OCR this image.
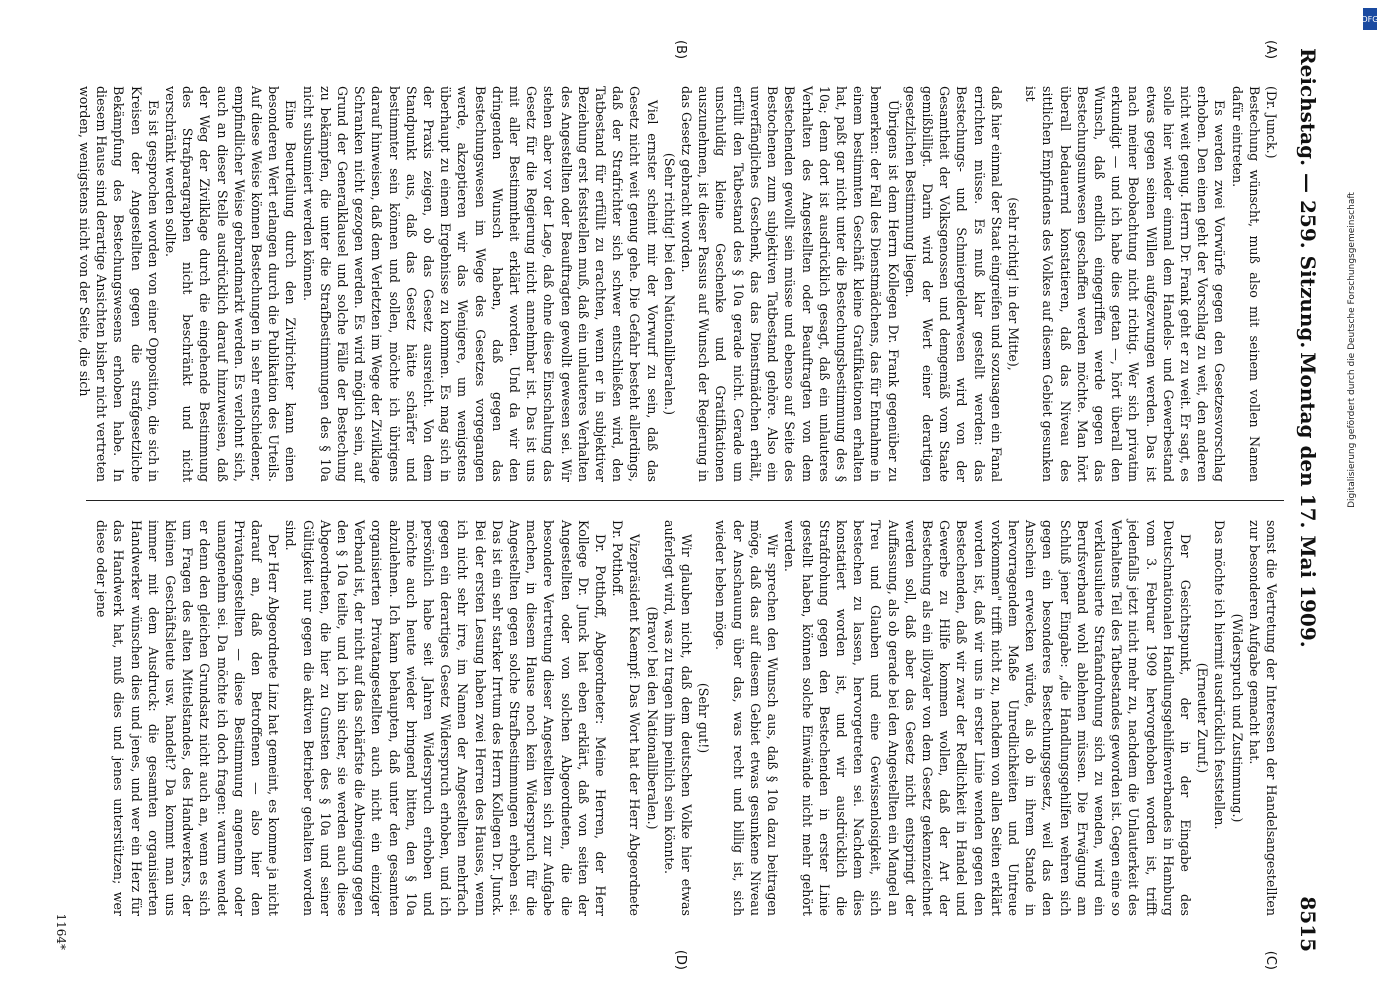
Reichstag. — 259. Sitzung.
Montag den 17. Mai 1909.
8515
(A)
(B)
(C)
(D)
(Dr. Junck.)
Bestechung wünscht, muß also mit seinem vollen Namen dafür eintreten.
Es werden zwei Vorwürfe gegen den Gesetzesvorschlag erhoben. Den einen geht der Vorschlag zu weit, den anderen nicht weit genug. Herrn Dr. Frank geht er zu weit. Er sagt, es solle hier wieder einmal dem Handels- und Gewerbestand etwas gegen seinen Willen aufgezwungen werden. Das ist nach meiner Beobachtung nicht richtig. Wer sich privatim erkundigt — und ich habe dies getan —, hört überall den Wunsch, daß endlich eingegriffen werde gegen das Bestechungsunwesen geschaffen werden möchte. Man hört überall bedauernd konstatieren, daß das Niveau des sittlichen Empfindens des Volkes auf diesem Gebiet gesunken ist
(sehr richtig! in der Mitte),
daß hier einmal der Staat eingreifen und sozusagen ein Fanal errichten müsse. Es muß klar gestellt werden: das Bestechungs- und Schmiergelderwesen wird von der Gesamtheit der Volksgenossen und demgemäß vom Staate gemißbilligt. Darin wird der Wert einer derartigen gesetzlichen Bestimmung liegen.
Übrigens ist dem Herrn Kollegen Dr. Frank gegenüber zu bemerken: der Fall des Dienstmädchens, das für Entnahme in einem bestimmten Geschäft kleine Gratifikationen erhalten hat, paßt gar nicht unter die Bestechungsbestimmung des § 10a; denn dort ist ausdrücklich gesagt, daß ein unlauteres Verhalten des Angestellten oder Beauftragten von dem Bestechenden gewollt sein müsse und ebenso auf Seite des Bestochenen zum subjektiven Tatbestand gehöre. Also ein unverfängliches Geschenk, das das Dienstmädchen erhält, erfüllt den Tatbestand des § 10a gerade nicht. Gerade um unschuldig kleine Geschenke und Gratifikationen auszunehmen, ist dieser Passus auf Wunsch der Regierung in das Gesetz gebracht worden.
(Sehr richtig! bei den Nationalliberalen.)
Viel ernster scheint mir der Vorwurf zu sein, daß das Gesetz nicht weit genug gehe. Die Gefahr besteht allerdings, daß der Strafrichter sich schwer entschließen wird, den Tatbestand für erfüllt zu erachten, wenn er in subjektiver Beziehung erst feststellen muß, daß ein unlauteres Verhalten des Angestellten oder Beauftragten gewollt gewesen sei. Wir stehen aber vor der Lage, daß ohne diese Einschaltung das Gesetz für die Regierung nicht annehmbar ist. Das ist uns mit aller Bestimmtheit erklärt worden. Und da wir den dringenden Wunsch haben, daß gegen das Bestechungswesen im Wege des Gesetzes vorgegangen werde, akzeptieren wir das Wenigere, um wenigstens überhaupt zu einem Ergebnisse zu kommen. Es mag sich in der Praxis zeigen, ob das Gesetz ausreicht. Von dem Standpunkt aus, daß das Gesetz hätte schärfer und bestimmter sein können und sollen, möchte ich übrigens darauf hinweisen, daß dem Verletzten im Wege der Zivilklage Schranken nicht gezogen werden. Es wird möglich sein, auf Grund der Generalklausel und solche Fälle der Bestechung zu bekämpfen, die unter die Strafbestimmungen des § 10a nicht subsumiert werden können.
Eine Beurteilung durch den Zivilrichter kann einen besonderen Wert erlangen durch die Publikation des Urteils. Auf diese Weise können Bestechungen in sehr entschiedener, empfindlicher Weise gebrandmarkt werden. Es verlohnt sich, auch an dieser Stelle ausdrücklich darauf hinzuweisen, daß der Weg der Zivilklage durch die eingehende Bestimmung des Strafparagraphen nicht beschränkt und nicht verschränkt werden sollte.
Es ist gesprochen worden von einer Opposition, die sich in Kreisen der Angestellten gegen die strafgesetzliche Bekämpfung des Bestechungswesens erhoben habe. In diesem Hause sind derartige Ansichten bisher nicht vertreten worden, wenigstens nicht von der Seite, die sich
sonst die Vertretung der Interessen der Handelsangestellten zur besonderen Aufgabe gemacht hat.
(Widerspruch und Zustimmung.)
Das möchte ich hiermit ausdrücklich feststellen.
(Erneuter Zuruf.)
Der Gesichtspunkt, der in der Eingabe des Deutschnationalen Handlungsgehilfenverbandes in Hamburg vom 3. Februar 1909 hervorgehoben worden ist, trifft jedenfalls jetzt nicht mehr zu, nachdem die Unlauterkeit des Verhaltens Teil des Tatbestandes geworden ist. Gegen eine so verklausulierte Strafandrohung sich zu wenden, wird ein Berufsverband wohl ablehnen müssen. Die Erwägung am Schluß jener Eingabe: „die Handlungsgehilfen wehren sich gegen ein besonderes Bestechungsgesetz, weil das den Anschein erwecken würde, als ob in ihrem Stande in hervorragendem Maße Unredlichkeiten und Untreue vorkommen" trifft nicht zu, nachdem von allen Seiten erklärt worden ist, daß wir uns in erster Linie wenden gegen den Bestechenden, daß wir zwar der Redlichkeit in Handel und Gewerbe zu Hilfe kommen wollen, daß der Art der Bestechung als ein illoyaler von dem Gesetz gekennzeichnet werden soll, daß aber das Gesetz nicht entspringt der Auffassung, als ob gerade bei den Angestellten ein Mangel an Treu und Glauben und eine Gewissenlosigkeit, sich bestechen zu lassen, hervorgetreten sei. Nachdem dies konstatiert worden ist, und wir ausdrücklich die Strafdrohung gegen den Bestechenden in erster Linie gestellt haben, können solche Einwände nicht mehr gehört werden.
Wir sprechen den Wunsch aus, daß § 10a dazu beitragen möge, daß das auf diesem Gebiet etwas gesunkene Niveau der Anschauung über das, was recht und billig ist, sich wieder heben möge.
(Sehr gut!)
Wir glauben nicht, daß dem deutschen Volke hier etwas auferlegt wird, was zu tragen ihm peinlich sein könnte.
(Bravo! bei den Nationalliberalen.)
Vizepräsident Kaempf: Das Wort hat der Herr Abgeordnete Dr. Potthoff.
Dr. Potthoff, Abgeordneter: Meine Herren, der Herr Kollege Dr. Junck hat eben erklärt, daß von seiten der Angestellten oder von solchen Abgeordneten, die die besondere Vertretung dieser Angestellten sich zur Aufgabe machen, in diesem Hause noch kein Widerspruch für die Angestellten gegen solche Strafbestimmungen erhoben sei. Das ist ein sehr starker Irrtum des Herrn Kollegen Dr. Junck. Bei der ersten Lesung haben zwei Herren des Hauses, wenn ich nicht sehr irre, im Namen der Angestellten mehrfach gegen ein derartiges Gesetz Widerspruch erhoben, und ich persönlich habe seit Jahren Widerspruch erhoben und möchte auch heute wieder bringend bitten, den § 10a abzulehnen. Ich kann behaupten, daß unter den gesamten organisierten Privatangestellten auch nicht ein einziger Verband ist, der nicht auf das schärfste die Abneigung gegen den § 10a teilte, und ich bin sicher, sie werden auch diese Abgeordneten, die hier zu Gunsten des § 10a und seiner Gültigkeit nur gegen die aktiven Betrieber gehalten worden sind.
Der Herr Abgeordnete Linz hat gemeint, es komme ja nicht darauf an, daß den Betroffenen — also hier den Privatangestellten — diese Bestimmung angenehm oder unangenehm sei. Da möchte ich doch fragen: warum wendet er denn den gleichen Grundsatz nicht auch an, wenn es sich um Fragen des alten Mittelstandes, des Handwerkers, der kleinen Geschäftsleute usw. handelt? Da kommt man uns immer mit dem Ausdruck: die gesamten organisierten Handwerker wünschen dies und jenes, und wer ein Herz für das Handwerk hat, muß dies und jenes unterstützen; wer diese oder jene
1164*
DFG
Digitalisierung gefördert durch die Deutsche Forschungsgemeinschaft
